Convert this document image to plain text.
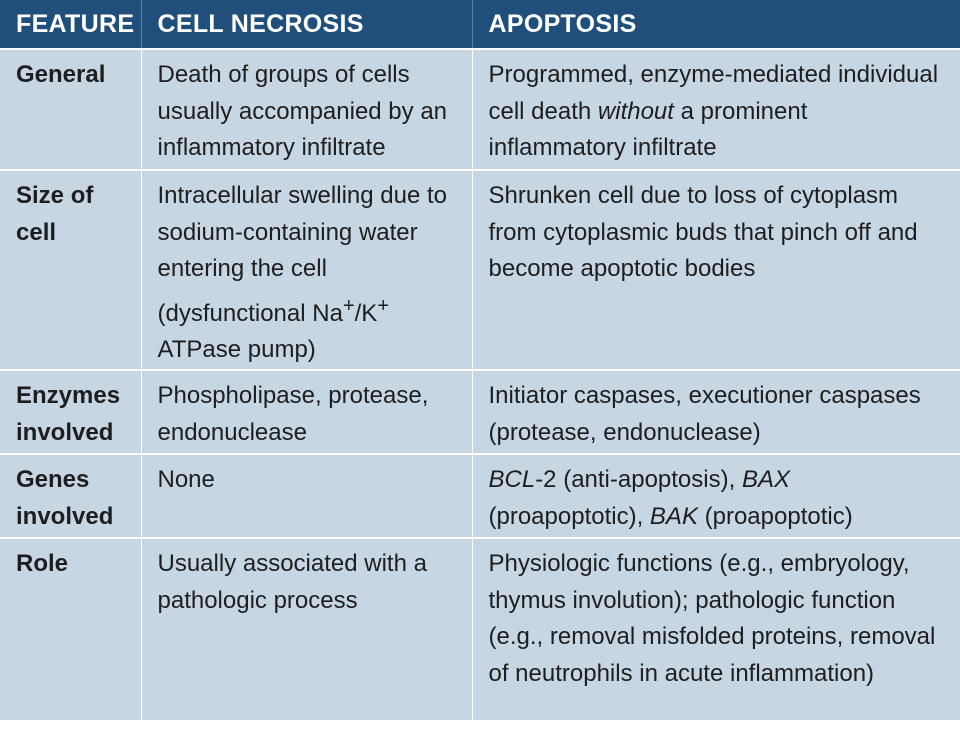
FEATURE	CELL NECROSIS	APOPTOSIS
General	Death of groups of cells usually accompanied by an inflammatory infiltrate	Programmed, enzyme-mediated individual cell death without a prominent inflammatory infiltrate
Size of cell	Intracellular swelling due to sodium-containing water entering the cell (dysfunctional Na+/K+ ATPase pump)	Shrunken cell due to loss of cytoplasm from cytoplasmic buds that pinch off and become apoptotic bodies
Enzymes involved	Phospholipase, protease, endonuclease	Initiator caspases, executioner caspases (protease, endonuclease)
Genes involved	None	BCL-2 (anti-apoptosis), BAX (proapoptotic), BAK (proapoptotic)
Role	Usually associated with a pathologic process	Physiologic functions (e.g., embryology, thymus involution); pathologic function (e.g., removal misfolded proteins, removal of neutrophils in acute inflammation)
